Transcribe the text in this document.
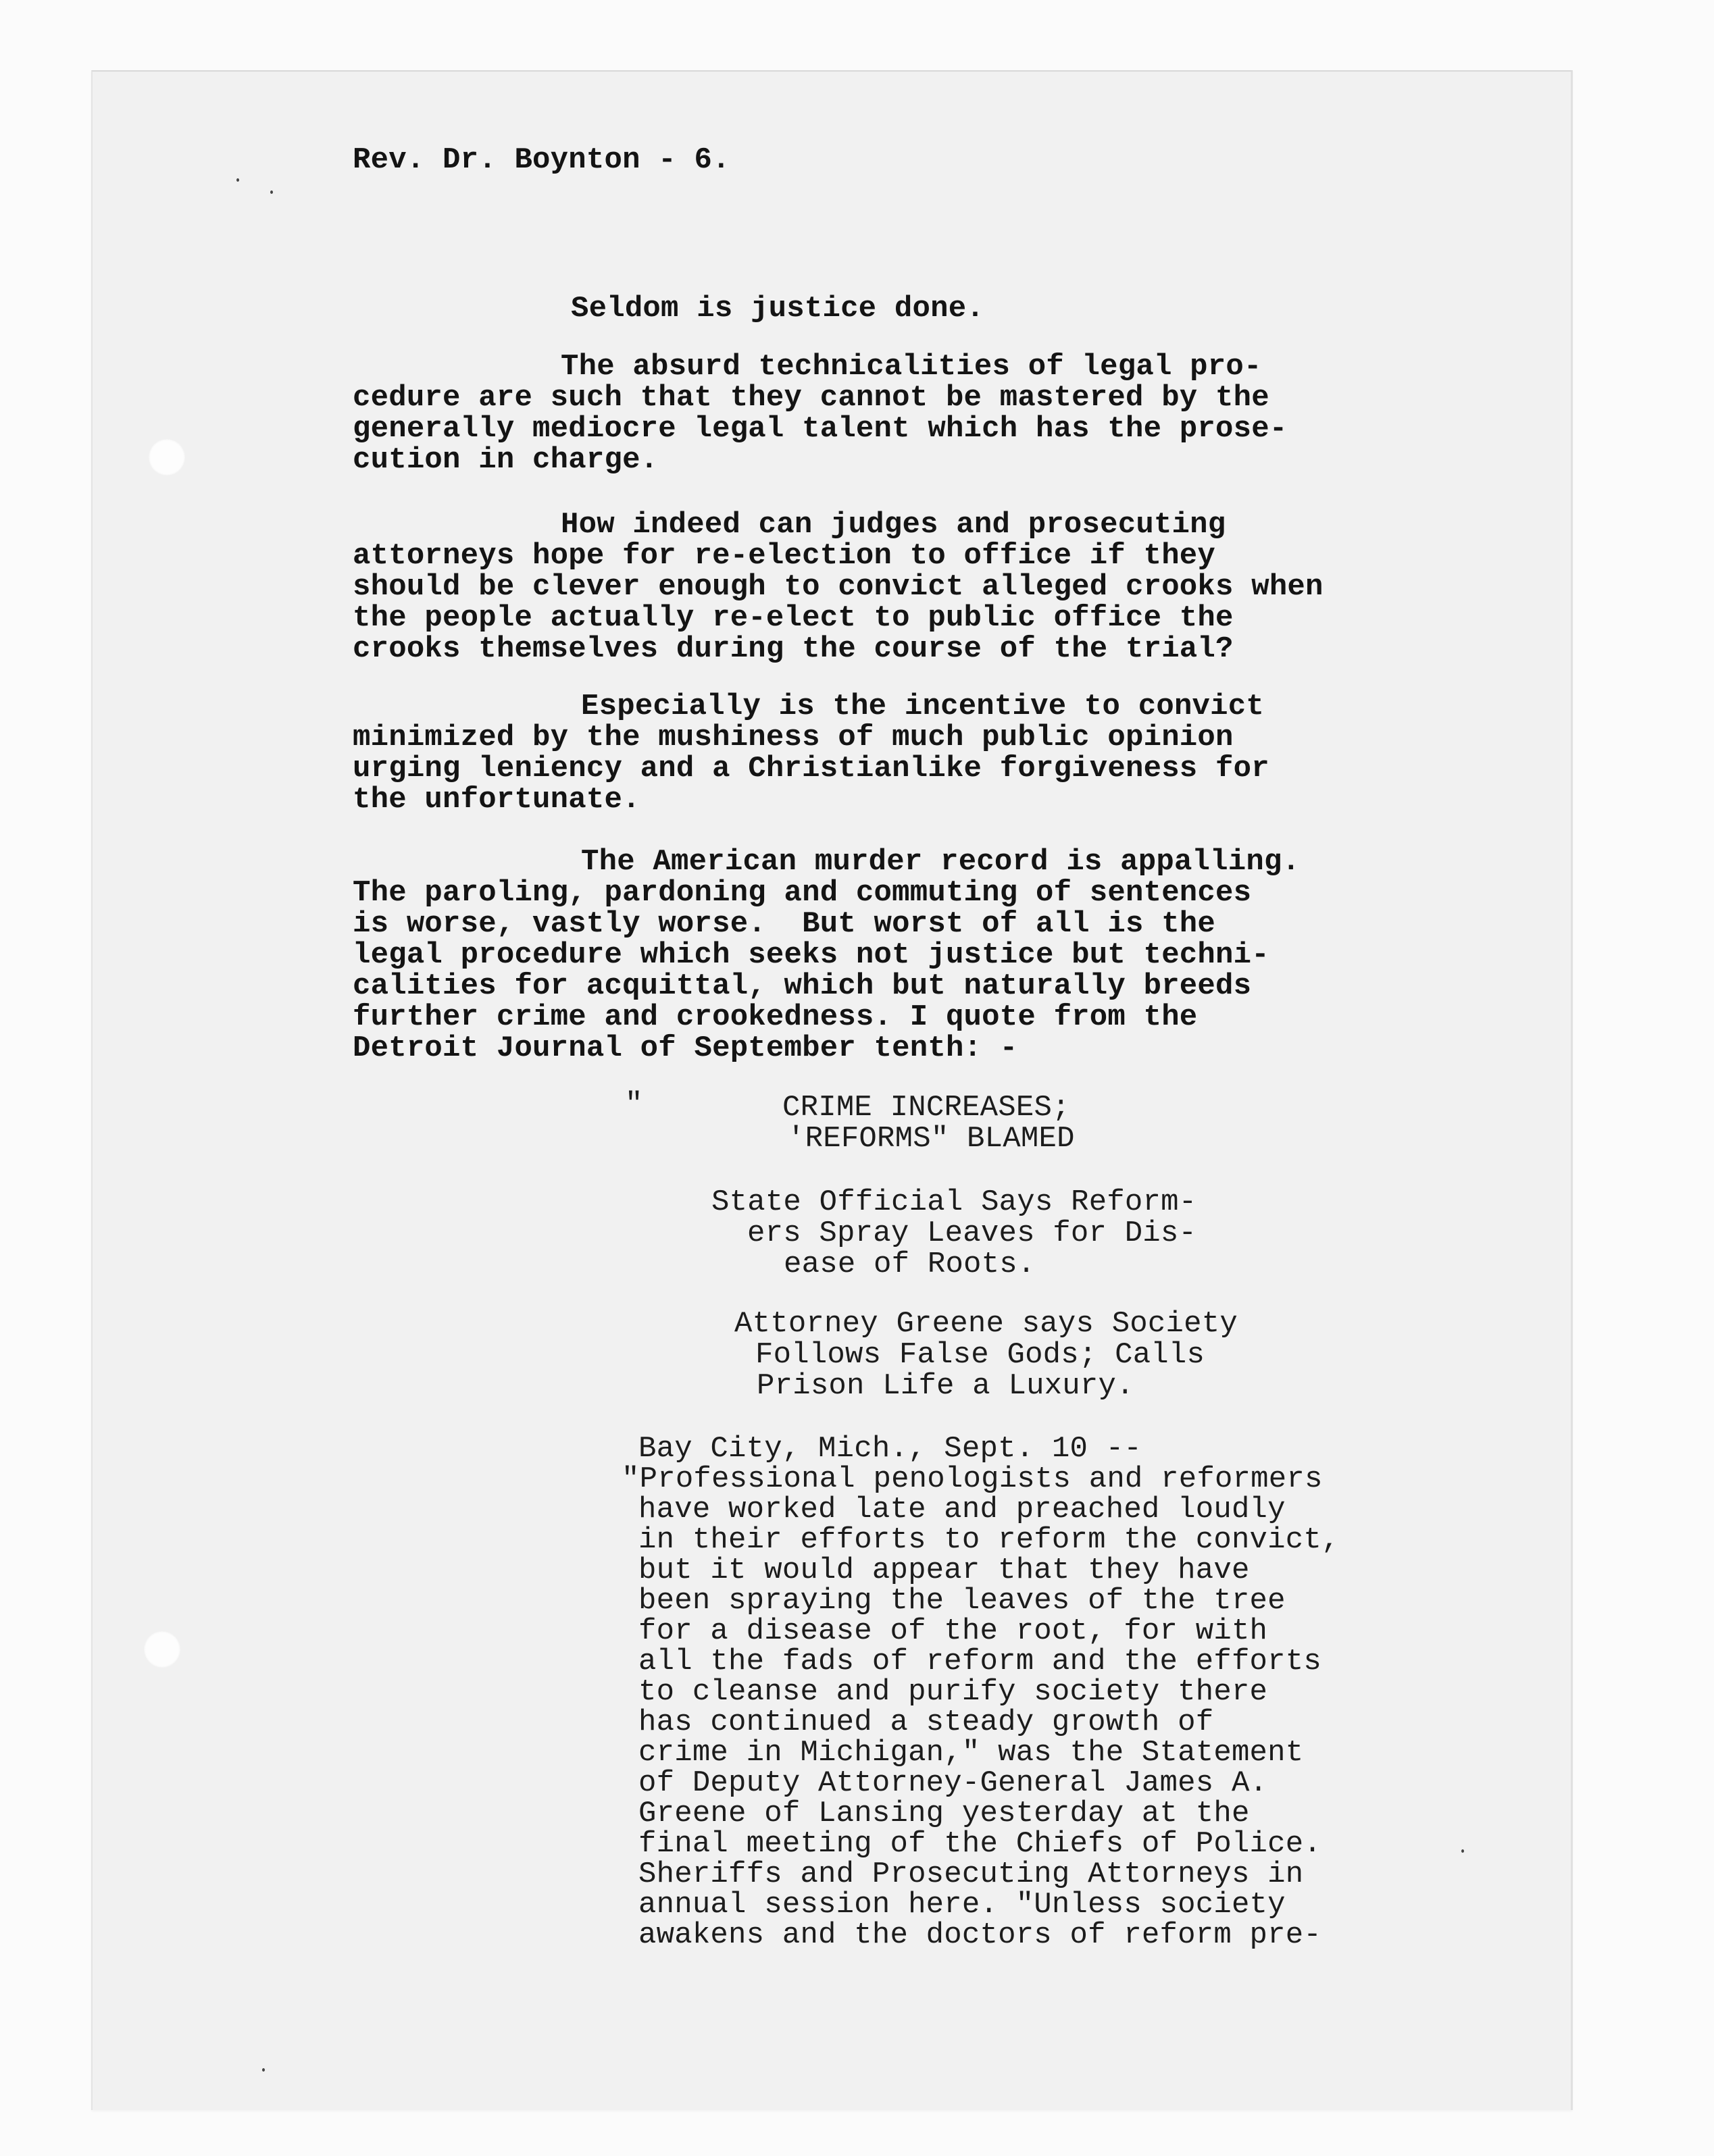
Rev. Dr. Boynton - 6.
Seldom is justice done.
The absurd technicalities of legal pro-
cedure are such that they cannot be mastered by the
generally mediocre legal talent which has the prose-
cution in charge.
How indeed can judges and prosecuting
attorneys hope for re-election to office if they
should be clever enough to convict alleged crooks when
the people actually re-elect to public office the
crooks themselves during the course of the trial?
Especially is the incentive to convict
minimized by the mushiness of much public opinion
urging leniency and a Christianlike forgiveness for
the unfortunate.
The American murder record is appalling.
The paroling, pardoning and commuting of sentences
is worse, vastly worse.  But worst of all is the
legal procedure which seeks not justice but techni-
calities for acquittal, which but naturally breeds
further crime and crookedness. I quote from the
Detroit Journal of September tenth: -
"	CRIME INCREASES;
'REFORMS" BLAMED
State Official Says Reform-
ers Spray Leaves for Dis-
ease of Roots.
Attorney Greene says Society
Follows False Gods; Calls
Prison Life a Luxury.
Bay City, Mich., Sept. 10 --
"Professional penologists and reformers
have worked late and preached loudly
in their efforts to reform the convict,
but it would appear that they have
been spraying the leaves of the tree
for a disease of the root, for with
all the fads of reform and the efforts
to cleanse and purify society there
has continued a steady growth of
crime in Michigan," was the Statement
of Deputy Attorney-General James A.
Greene of Lansing yesterday at the
final meeting of the Chiefs of Police.
Sheriffs and Prosecuting Attorneys in
annual session here. "Unless society
awakens and the doctors of reform pre-
